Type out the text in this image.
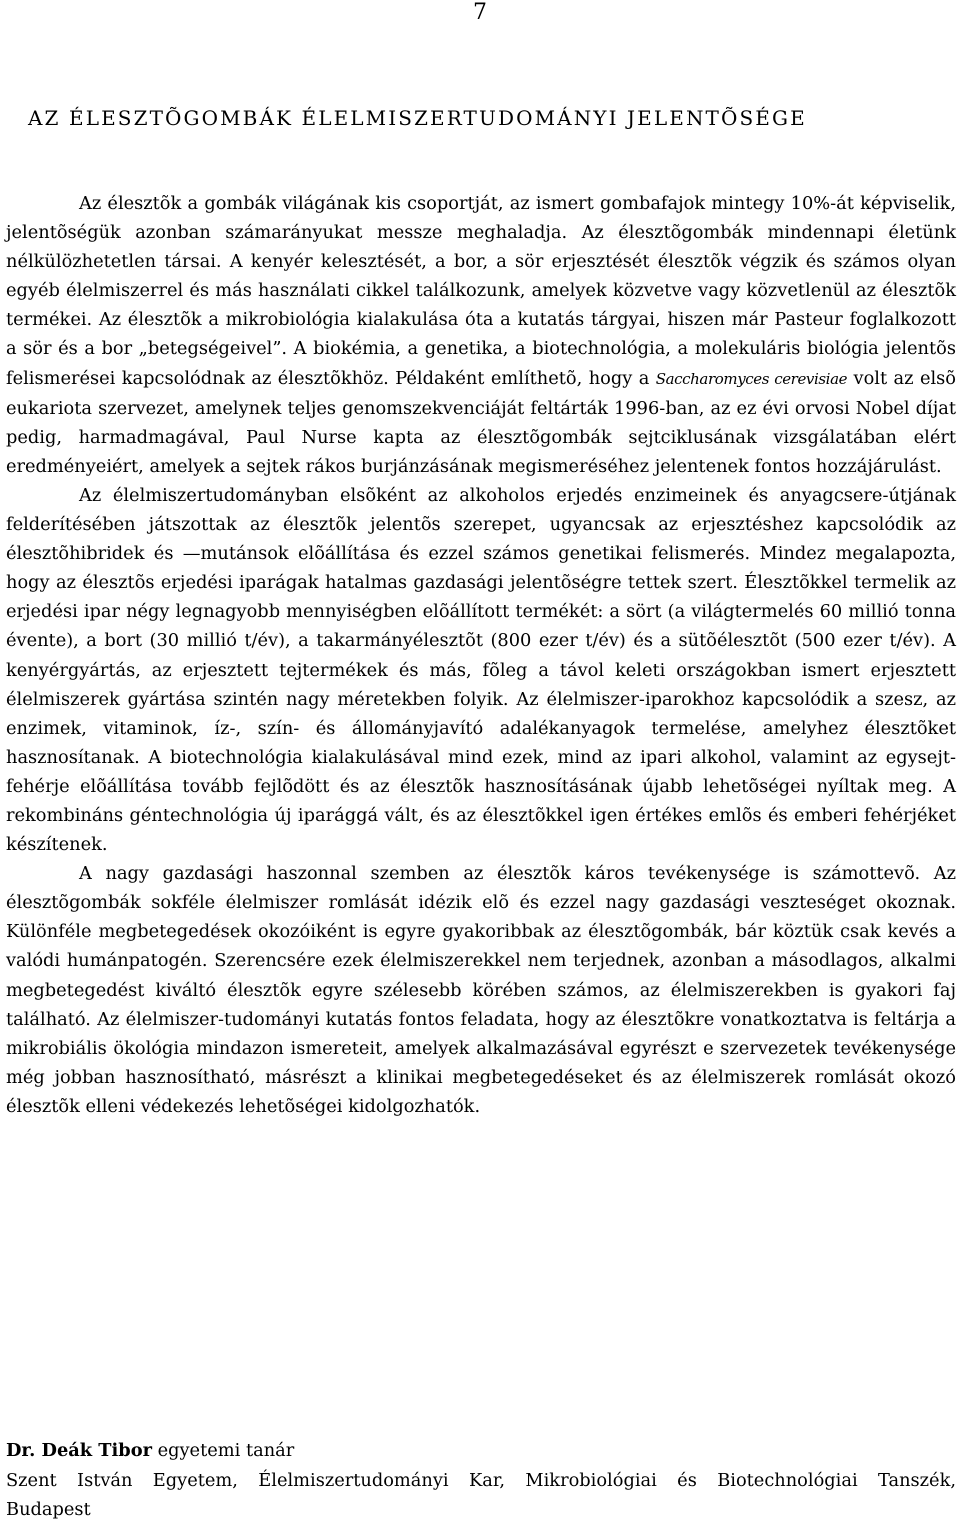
7
AZ ÉLESZTÕGOMBÁK ÉLELMISZERTUDOMÁNYI JELENTÕSÉGE

Az élesztõk a gombák világának kis csoportját, az ismert gombafajok mintegy 10%-át képviselik, jelentõségük azonban számarányukat messze meghaladja. Az élesztõgombák mindennapi életünk nélkülözhetetlen társai. A kenyér kelesztését, a bor, a sör erjesztését élesztõk végzik és számos olyan egyéb élelmiszerrel és más használati cikkel találkozunk, amelyek közvetve vagy közvetlenül az élesztõk termékei. Az élesztõk a mikrobiológia kialakulása óta a kutatás tárgyai, hiszen már Pasteur foglalkozott a sör és a bor „betegségeivel”. A biokémia, a genetika, a biotechnológia, a molekuláris biológia jelentõs felismerései kapcsolódnak az élesztõkhöz. Példaként említhetõ, hogy a Saccharomyces cerevisiae volt az elsõ eukariota szervezet, amelynek teljes genomszekvenciáját feltárták 1996-ban, az ez évi orvosi Nobel díjat pedig, harmadmagával, Paul Nurse kapta az élesztõgombák sejtciklusának vizsgálatában elért eredményeiért, amelyek a sejtek rákos burjánzásának megismeréséhez jelentenek fontos hozzájárulást.

Az élelmiszertudományban elsõként az alkoholos erjedés enzimeinek és anyagcsere-útjának felderítésében játszottak az élesztõk jelentõs szerepet, ugyancsak az erjesztéshez kapcsolódik az élesztõhibridek és —mutánsok elõállítása és ezzel számos genetikai felismerés. Mindez megalapozta, hogy az élesztõs erjedési iparágak hatalmas gazdasági jelentõségre tettek szert. Élesztõkkel termelik az erjedési ipar négy legnagyobb mennyiségben elõállított termékét: a sört (a világtermelés 60 millió tonna évente), a bort (30 millió t/év), a takarmányélesztõt (800 ezer t/év) és a sütõélesztõt (500 ezer t/év). A kenyérgyártás, az erjesztett tejtermékek és más, fõleg a távol keleti országokban ismert erjesztett élelmiszerek gyártása szintén nagy méretekben folyik. Az élelmiszer-iparokhoz kapcsolódik a szesz, az enzimek, vitaminok, íz-, szín- és állományjavító adalékanyagok termelése, amelyhez élesztõket hasznosítanak. A biotechnológia kialakulásával mind ezek, mind az ipari alkohol, valamint az egysejt-fehérje elõállítása tovább fejlõdött és az élesztõk hasznosításának újabb lehetõségei nyíltak meg. A rekombináns géntechnológia új iparággá vált, és az élesztõkkel igen értékes emlõs és emberi fehérjéket készítenek.

A nagy gazdasági haszonnal szemben az élesztõk káros tevékenysége is számottevõ. Az élesztõgombák sokféle élelmiszer romlását idézik elõ és ezzel nagy gazdasági veszteséget okoznak. Különféle megbetegedések okozóiként is egyre gyakoribbak az élesztõgombák, bár köztük csak kevés a valódi humánpatogén. Szerencsére ezek élelmiszerekkel nem terjednek, azonban a másodlagos, alkalmi megbetegedést kiváltó élesztõk egyre szélesebb körében számos, az élelmiszerekben is gyakori faj található. Az élelmiszer-tudományi kutatás fontos feladata, hogy az élesztõkre vonatkoztatva is feltárja a mikrobiális ökológia mindazon ismereteit, amelyek alkalmazásával egyrészt e szervezetek tevékenysége még jobban hasznosítható, másrészt a klinikai megbetegedéseket és az élelmiszerek romlását okozó élesztõk elleni védekezés lehetõségei kidolgozhatók.

Dr. Deák Tibor egyetemi tanár
Szent István Egyetem, Élelmiszertudományi Kar, Mikrobiológiai és Biotechnológiai Tanszék,
Budapest
